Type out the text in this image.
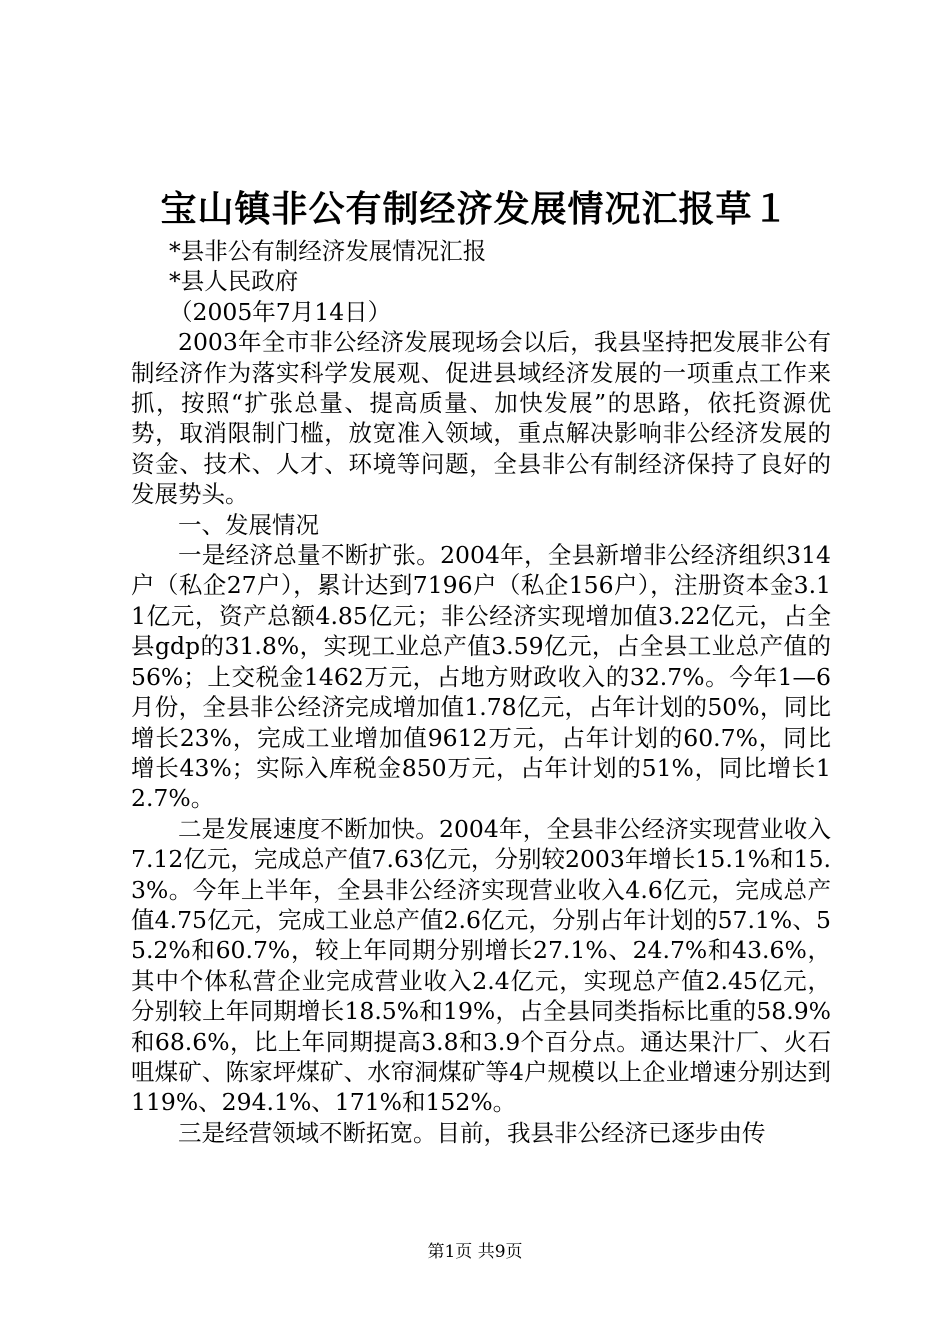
宝山镇非公有制经济发展情况汇报草１

*县非公有制经济发展情况汇报

*县人民政府

（2005年7月14日）

2003年全市非公经济发展现场会以后，我县坚持把发展非公有制经济作为落实科学发展观、促进县域经济发展的一项重点工作来抓，按照“扩张总量、提高质量、加快发展”的思路，依托资源优势，取消限制门槛，放宽准入领域，重点解决影响非公经济发展的资金、技术、人才、环境等问题，全县非公有制经济保持了良好的发展势头。

一、发展情况

一是经济总量不断扩张。2004年，全县新增非公经济组织314户（私企27户），累计达到7196户（私企156户），注册资本金3.11亿元，资产总额4.85亿元；非公经济实现增加值3.22亿元，占全县gdp的31.8%，实现工业总产值3.59亿元，占全县工业总产值的56%；上交税金1462万元，占地方财政收入的32.7%。今年1—6月份，全县非公经济完成增加值1.78亿元，占年计划的50%，同比增长23%，完成工业增加值9612万元，占年计划的60.7%，同比增长43%；实际入库税金850万元，占年计划的51%，同比增长12.7%。

二是发展速度不断加快。2004年，全县非公经济实现营业收入7.12亿元，完成总产值7.63亿元，分别较2003年增长15.1%和15.3%。今年上半年，全县非公经济实现营业收入4.6亿元，完成总产值4.75亿元，完成工业总产值2.6亿元，分别占年计划的57.1%、55.2%和60.7%，较上年同期分别增长27.1%、24.7%和43.6%，其中个体私营企业完成营业收入2.4亿元，实现总产值2.45亿元，分别较上年同期增长18.5%和19%，占全县同类指标比重的58.9%和68.6%，比上年同期提高3.8和3.9个百分点。通达果汁厂、火石咀煤矿、陈家坪煤矿、水帘洞煤矿等4户规模以上企业增速分别达到119%、294.1%、171%和152%。

三是经营领域不断拓宽。目前，我县非公经济已逐步由传

第1页 共9页
